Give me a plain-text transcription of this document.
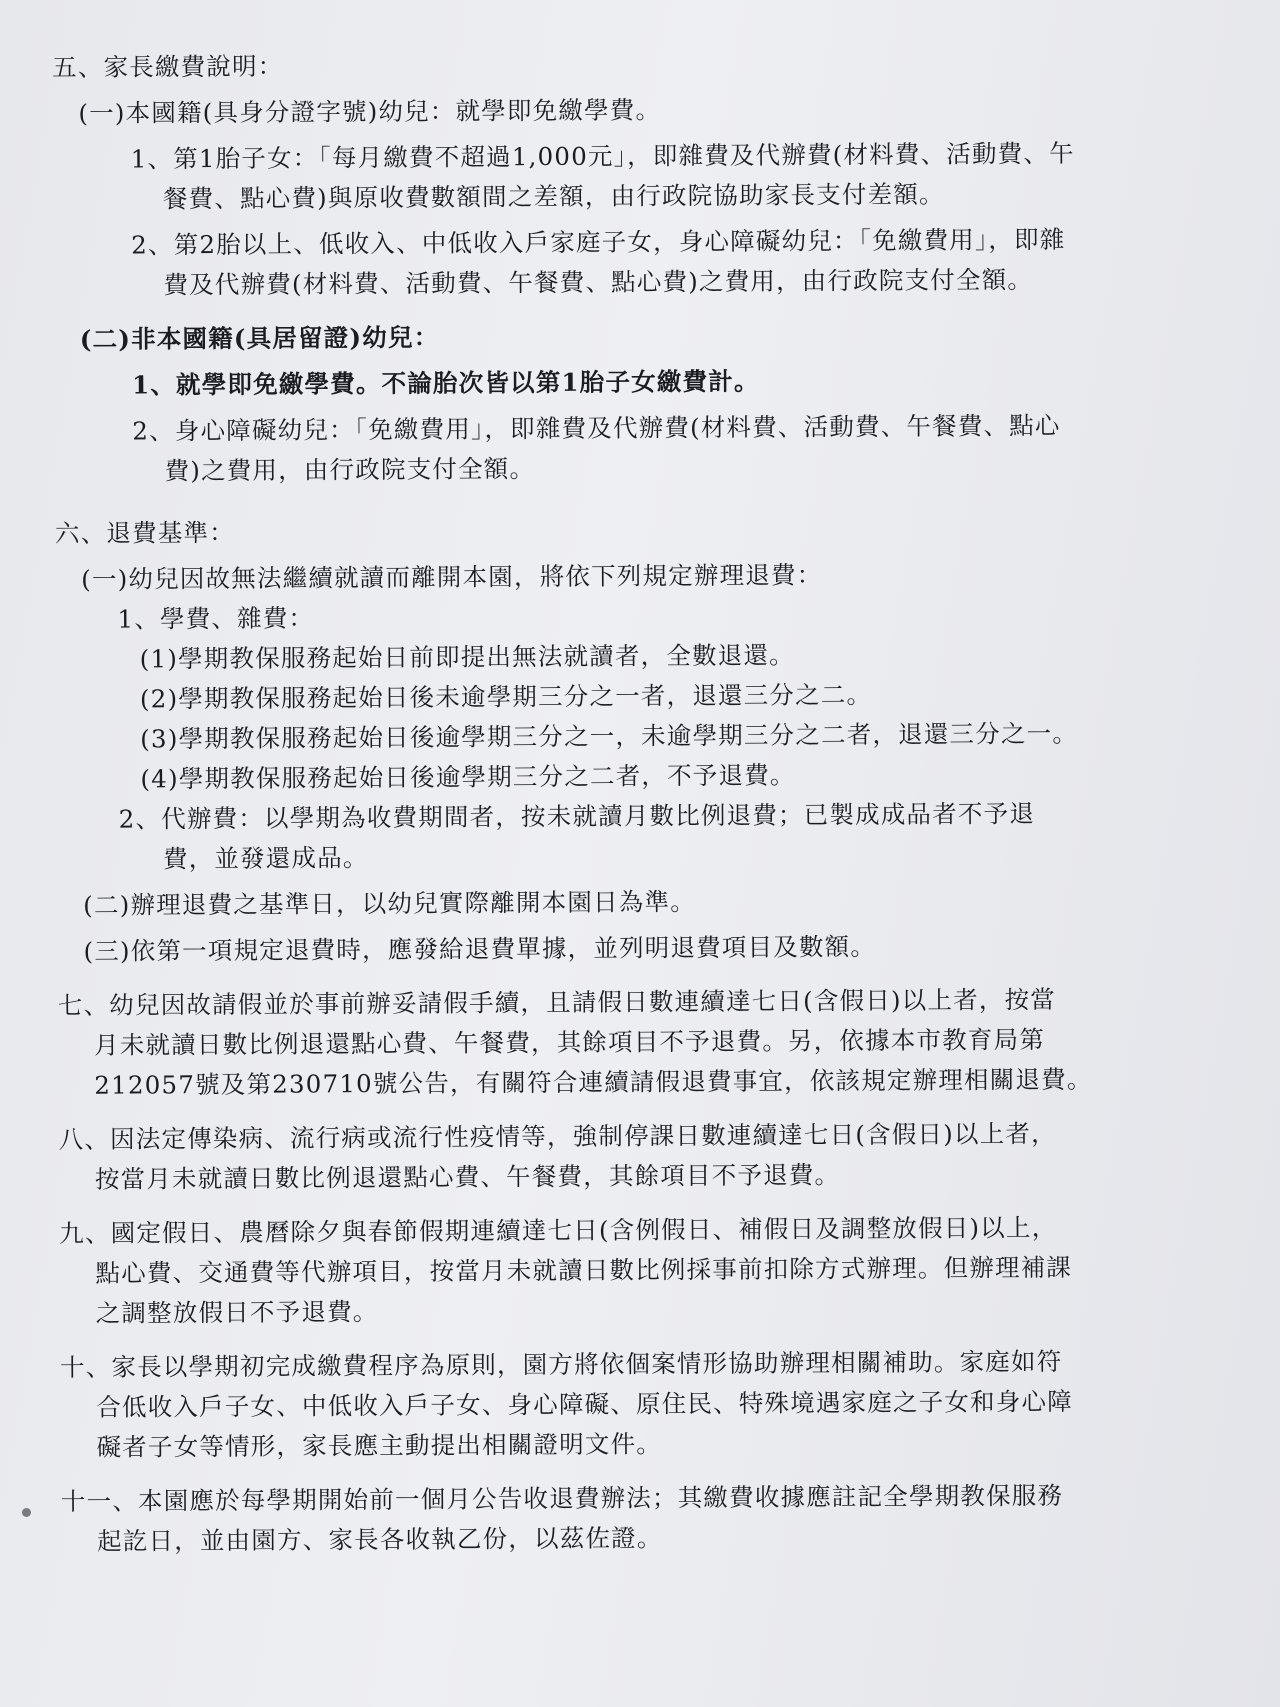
五、家長繳費說明：
(一)本國籍(具身分證字號)幼兒：就學即免繳學費。
1、第1胎子女：「每月繳費不超過1,000元」，即雜費及代辦費(材料費、活動費、午
餐費、點心費)與原收費數額間之差額，由行政院協助家長支付差額。
2、第2胎以上、低收入、中低收入戶家庭子女，身心障礙幼兒：「免繳費用」，即雜
費及代辦費(材料費、活動費、午餐費、點心費)之費用，由行政院支付全額。
(二)非本國籍(具居留證)幼兒：
1、就學即免繳學費。不論胎次皆以第1胎子女繳費計。
2、身心障礙幼兒：「免繳費用」，即雜費及代辦費(材料費、活動費、午餐費、點心
費)之費用，由行政院支付全額。
六、退費基準：
(一)幼兒因故無法繼續就讀而離開本園，將依下列規定辦理退費：
1、學費、雜費：
(1)學期教保服務起始日前即提出無法就讀者，全數退還。
(2)學期教保服務起始日後未逾學期三分之一者，退還三分之二。
(3)學期教保服務起始日後逾學期三分之一，未逾學期三分之二者，退還三分之一。
(4)學期教保服務起始日後逾學期三分之二者，不予退費。
2、代辦費：以學期為收費期間者，按未就讀月數比例退費；已製成成品者不予退
費，並發還成品。
(二)辦理退費之基準日，以幼兒實際離開本園日為準。
(三)依第一項規定退費時，應發給退費單據，並列明退費項目及數額。
七、幼兒因故請假並於事前辦妥請假手續，且請假日數連續達七日(含假日)以上者，按當
月未就讀日數比例退還點心費、午餐費，其餘項目不予退費。另，依據本市教育局第
212057號及第230710號公告，有關符合連續請假退費事宜，依該規定辦理相關退費。
八、因法定傳染病、流行病或流行性疫情等，強制停課日數連續達七日(含假日)以上者，
按當月未就讀日數比例退還點心費、午餐費，其餘項目不予退費。
九、國定假日、農曆除夕與春節假期連續達七日(含例假日、補假日及調整放假日)以上，
點心費、交通費等代辦項目，按當月未就讀日數比例採事前扣除方式辦理。但辦理補課
之調整放假日不予退費。
十、家長以學期初完成繳費程序為原則，園方將依個案情形協助辦理相關補助。家庭如符
合低收入戶子女、中低收入戶子女、身心障礙、原住民、特殊境遇家庭之子女和身心障
礙者子女等情形，家長應主動提出相關證明文件。
十一、本園應於每學期開始前一個月公告收退費辦法；其繳費收據應註記全學期教保服務
起訖日，並由園方、家長各收執乙份，以茲佐證。
